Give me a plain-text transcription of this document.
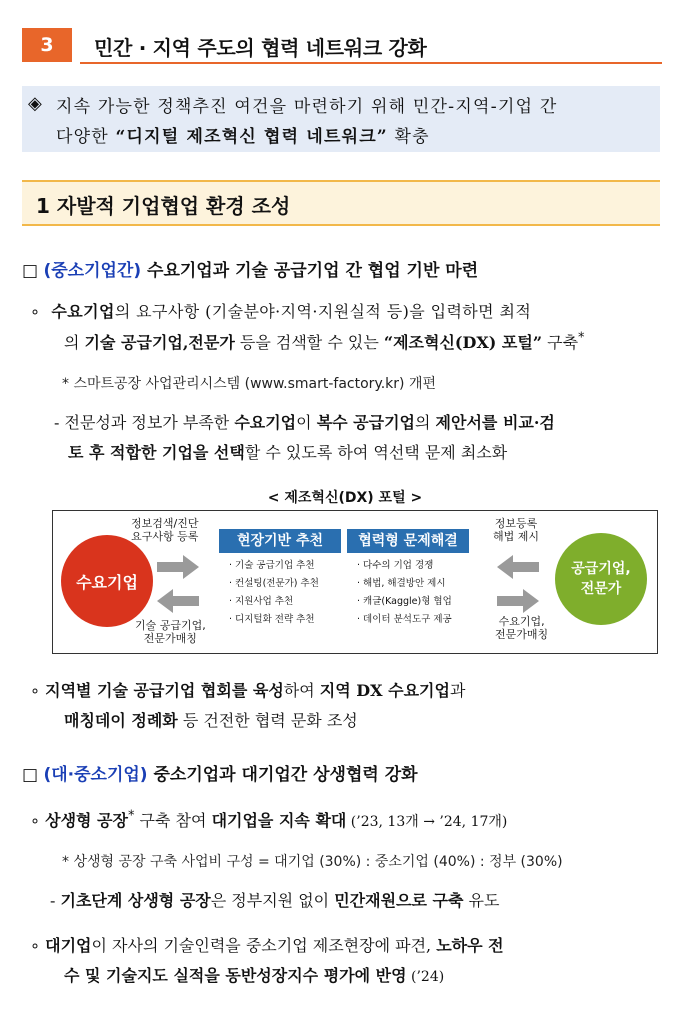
3	민간 · 지역 주도의 협력 네트워크 강화
◈ 지속 가능한 정책추진 여건을 마련하기 위해 민간-지역-기업 간
다양한 “디지털 제조혁신 협력 네트워크” 확충
1 자발적 기업협업 환경 조성
□ (중소기업간) 수요기업과 기술 공급기업 간 협업 기반 마련
∘ 수요기업의 요구사항 (기술분야·지역·지원실적 등)을 입력하면 최적
의 기술 공급기업,전문가 등을 검색할 수 있는 “제조혁신(DX) 포털” 구축*
* 스마트공장 사업관리시스템 (www.smart-factory.kr) 개편
- 전문성과 정보가 부족한 수요기업이 복수 공급기업의 제안서를 비교·검
토 후 적합한 기업을 선택할 수 있도록 하여 역선택 문제 최소화
< 제조혁신(DX) 포털 >
정보검색/진단
요구사항 등록
수요기업
기술 공급기업,
전문가매칭
현장기반 추천
· 기술 공급기업 추천
· 컨설팅(전문가) 추천
· 지원사업 추천
· 디지털화 전략 추천
협력형 문제해결
· 다수의 기업 경쟁
· 해법, 해결방안 제시
· 캐글(Kaggle)형 협업
· 데이터 분석도구 제공
정보등록
해법 제시
수요기업,
전문가매칭
공급기업,
전문가
∘ 지역별 기술 공급기업 협회를 육성하여 지역 DX 수요기업과
매칭데이 정례화 등 건전한 협력 문화 조성
□ (대·중소기업) 중소기업과 대기업간 상생협력 강화
∘ 상생형 공장* 구축 참여 대기업을 지속 확대 (’23, 13개 → ’24, 17개)
* 상생형 공장 구축 사업비 구성 = 대기업 (30%) : 중소기업 (40%) : 정부 (30%)
- 기초단계 상생형 공장은 정부지원 없이 민간재원으로 구축 유도
∘ 대기업이 자사의 기술인력을 중소기업 제조현장에 파견, 노하우 전
수 및 기술지도 실적을 동반성장지수 평가에 반영 (’24)
